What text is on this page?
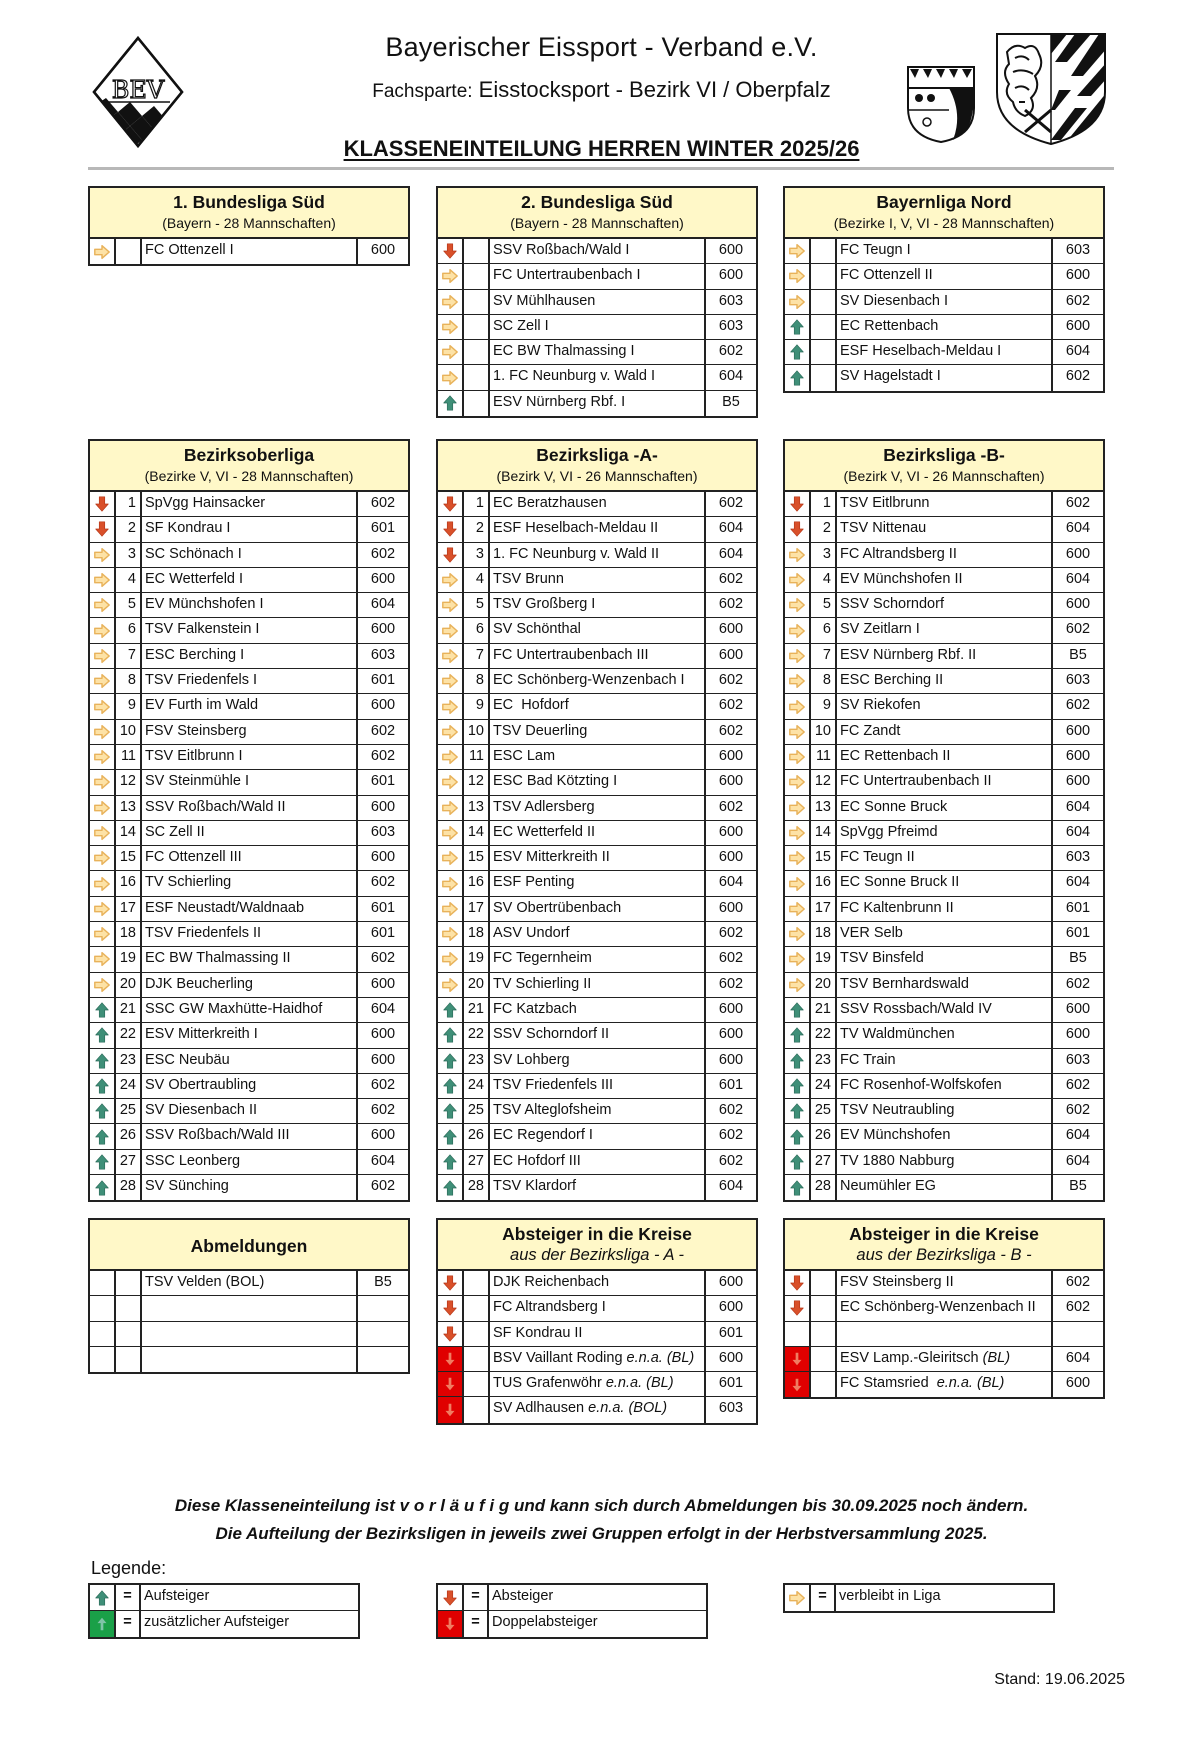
BEV
Bayerischer Eissport - Verband e.V.
Fachsparte: Eisstocksport - Bezirk VI / Oberpfalz
KLASSENEINTEILUNG HERREN WINTER 2025/26
1. Bundesliga Süd
(Bayern - 28 Mannschaften)
FC Ottenzell I	600
2. Bundesliga Süd
(Bayern - 28 Mannschaften)
SSV Roßbach/Wald I	600
FC Untertraubenbach I	600
SV Mühlhausen	603
SC Zell I	603
EC BW Thalmassing I	602
1. FC Neunburg v. Wald I	604
ESV Nürnberg Rbf. I	B5
Bayernliga Nord
(Bezirke I, V, VI - 28 Mannschaften)
FC Teugn I	603
FC Ottenzell II	600
SV Diesenbach I	602
EC Rettenbach	600
ESF Heselbach-Meldau I	604
SV Hagelstadt I	602
Bezirksoberliga
(Bezirke V, VI - 28 Mannschaften)
1 SpVgg Hainsacker	602
2 SF Kondrau I	601
3 SC Schönach I	602
4 EC Wetterfeld I	600
5 EV Münchshofen I	604
6 TSV Falkenstein I	600
7 ESC Berching I	603
8 TSV Friedenfels I	601
9 EV Furth im Wald	600
10 FSV Steinsberg	602
11 TSV Eitlbrunn I	602
12 SV Steinmühle I	601
13 SSV Roßbach/Wald II	600
14 SC Zell II	603
15 FC Ottenzell III	600
16 TV Schierling	602
17 ESF Neustadt/Waldnaab	601
18 TSV Friedenfels II	601
19 EC BW Thalmassing II	602
20 DJK Beucherling	600
21 SSC GW Maxhütte-Haidhof	604
22 ESV Mitterkreith I	600
23 ESC Neubäu	600
24 SV Obertraubling	602
25 SV Diesenbach II	602
26 SSV Roßbach/Wald III	600
27 SSC Leonberg	604
28 SV Sünching	602
Bezirksliga -A-
(Bezirk V, VI - 26 Mannschaften)
1 EC Beratzhausen	602
2 ESF Heselbach-Meldau II	604
3 1. FC Neunburg v. Wald II	604
4 TSV Brunn	602
5 TSV Großberg I	602
6 SV Schönthal	600
7 FC Untertraubenbach III	600
8 EC Schönberg-Wenzenbach I	602
9 EC  Hofdorf	602
10 TSV Deuerling	602
11 ESC Lam	600
12 ESC Bad Kötzting I	600
13 TSV Adlersberg	602
14 EC Wetterfeld II	600
15 ESV Mitterkreith II	600
16 ESF Penting	604
17 SV Obertrübenbach	600
18 ASV Undorf	602
19 FC Tegernheim	602
20 TV Schierling II	602
21 FC Katzbach	600
22 SSV Schorndorf II	600
23 SV Lohberg	600
24 TSV Friedenfels III	601
25 TSV Alteglofsheim	602
26 EC Regendorf I	602
27 EC Hofdorf III	602
28 TSV Klardorf	604
Bezirksliga -B-
(Bezirk V, VI - 26 Mannschaften)
1 TSV Eitlbrunn	602
2 TSV Nittenau	604
3 FC Altrandsberg II	600
4 EV Münchshofen II	604
5 SSV Schorndorf	600
6 SV Zeitlarn I	602
7 ESV Nürnberg Rbf. II	B5
8 ESC Berching II	603
9 SV Riekofen	602
10 FC Zandt	600
11 EC Rettenbach II	600
12 FC Untertraubenbach II	600
13 EC Sonne Bruck	604
14 SpVgg Pfreimd	604
15 FC Teugn II	603
16 EC Sonne Bruck II	604
17 FC Kaltenbrunn II	601
18 VER Selb	601
19 TSV Binsfeld	B5
20 TSV Bernhardswald	602
21 SSV Rossbach/Wald IV	600
22 TV Waldmünchen	600
23 FC Train	603
24 FC Rosenhof-Wolfskofen	602
25 TSV Neutraubling	602
26 EV Münchshofen	604
27 TV 1880 Nabburg	604
28 Neumühler EG	B5
Abmeldungen
TSV Velden (BOL)	B5
Absteiger in die Kreise
aus der Bezirksliga - A -
DJK Reichenbach	600
FC Altrandsberg I	600
SF Kondrau II	601
BSV Vaillant Roding e.n.a. (BL)	600
TUS Grafenwöhr e.n.a. (BL)	601
SV Adlhausen e.n.a. (BOL)	603
Absteiger in die Kreise
aus der Bezirksliga - B -
FSV Steinsberg II	602
EC Schönberg-Wenzenbach II	602
ESV Lamp.-Gleiritsch (BL)	604
FC Stamsried  e.n.a. (BL)	600
Diese Klasseneinteilung ist v o r l ä u f i g und kann sich durch Abmeldungen bis 30.09.2025 noch ändern.
Die Aufteilung der Bezirksligen in jeweils zwei Gruppen erfolgt in der Herbstversammlung 2025.
Legende:
= Aufsteiger
= zusätzlicher Aufsteiger
= Absteiger
= Doppelabsteiger
= verbleibt in Liga
Stand: 19.06.2025
